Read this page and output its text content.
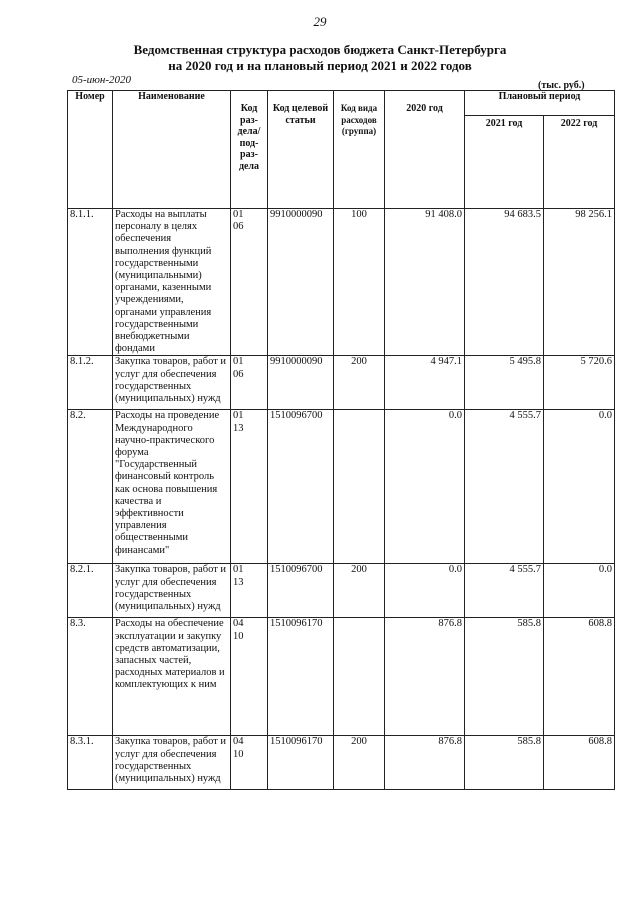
29
Ведомственная структура расходов бюджета Санкт-Петербурга
на 2020 год и на плановый период 2021 и 2022 годов
05-июн-2020	(тыс. руб.)
Номер	Наименование	Код раз-дела/ под-раз-дела	Код целевой статьи	Код вида расходов (группа)	2020 год	Плановый период	
						2021 год	2022 год
8.1.1.	Расходы на выплаты персоналу в целях обеспечения выполнения функций государственными (муниципальными) органами, казенными учреждениями, органами управления государственными внебюджетными фондами	0106	9910000090	100	91 408.0	94 683.5	98 256.1
8.1.2.	Закупка товаров, работ и услуг для обеспечения государственных (муниципальных) нужд	0106	9910000090	200	4 947.1	5 495.8	5 720.6
8.2.	Расходы на проведение Международного научно-практического форума "Государственный финансовый контроль как основа повышения качества и эффективности управления общественными финансами"	0113	1510096700		0.0	4 555.7	0.0
8.2.1.	Закупка товаров, работ и услуг для обеспечения государственных (муниципальных) нужд	0113	1510096700	200	0.0	4 555.7	0.0
8.3.	Расходы на обеспечение эксплуатации и закупку средств автоматизации, запасных частей, расходных материалов и комплектующих к ним	0410	1510096170		876.8	585.8	608.8
8.3.1.	Закупка товаров, работ и услуг для обеспечения государственных (муниципальных) нужд	0410	1510096170	200	876.8	585.8	608.8
